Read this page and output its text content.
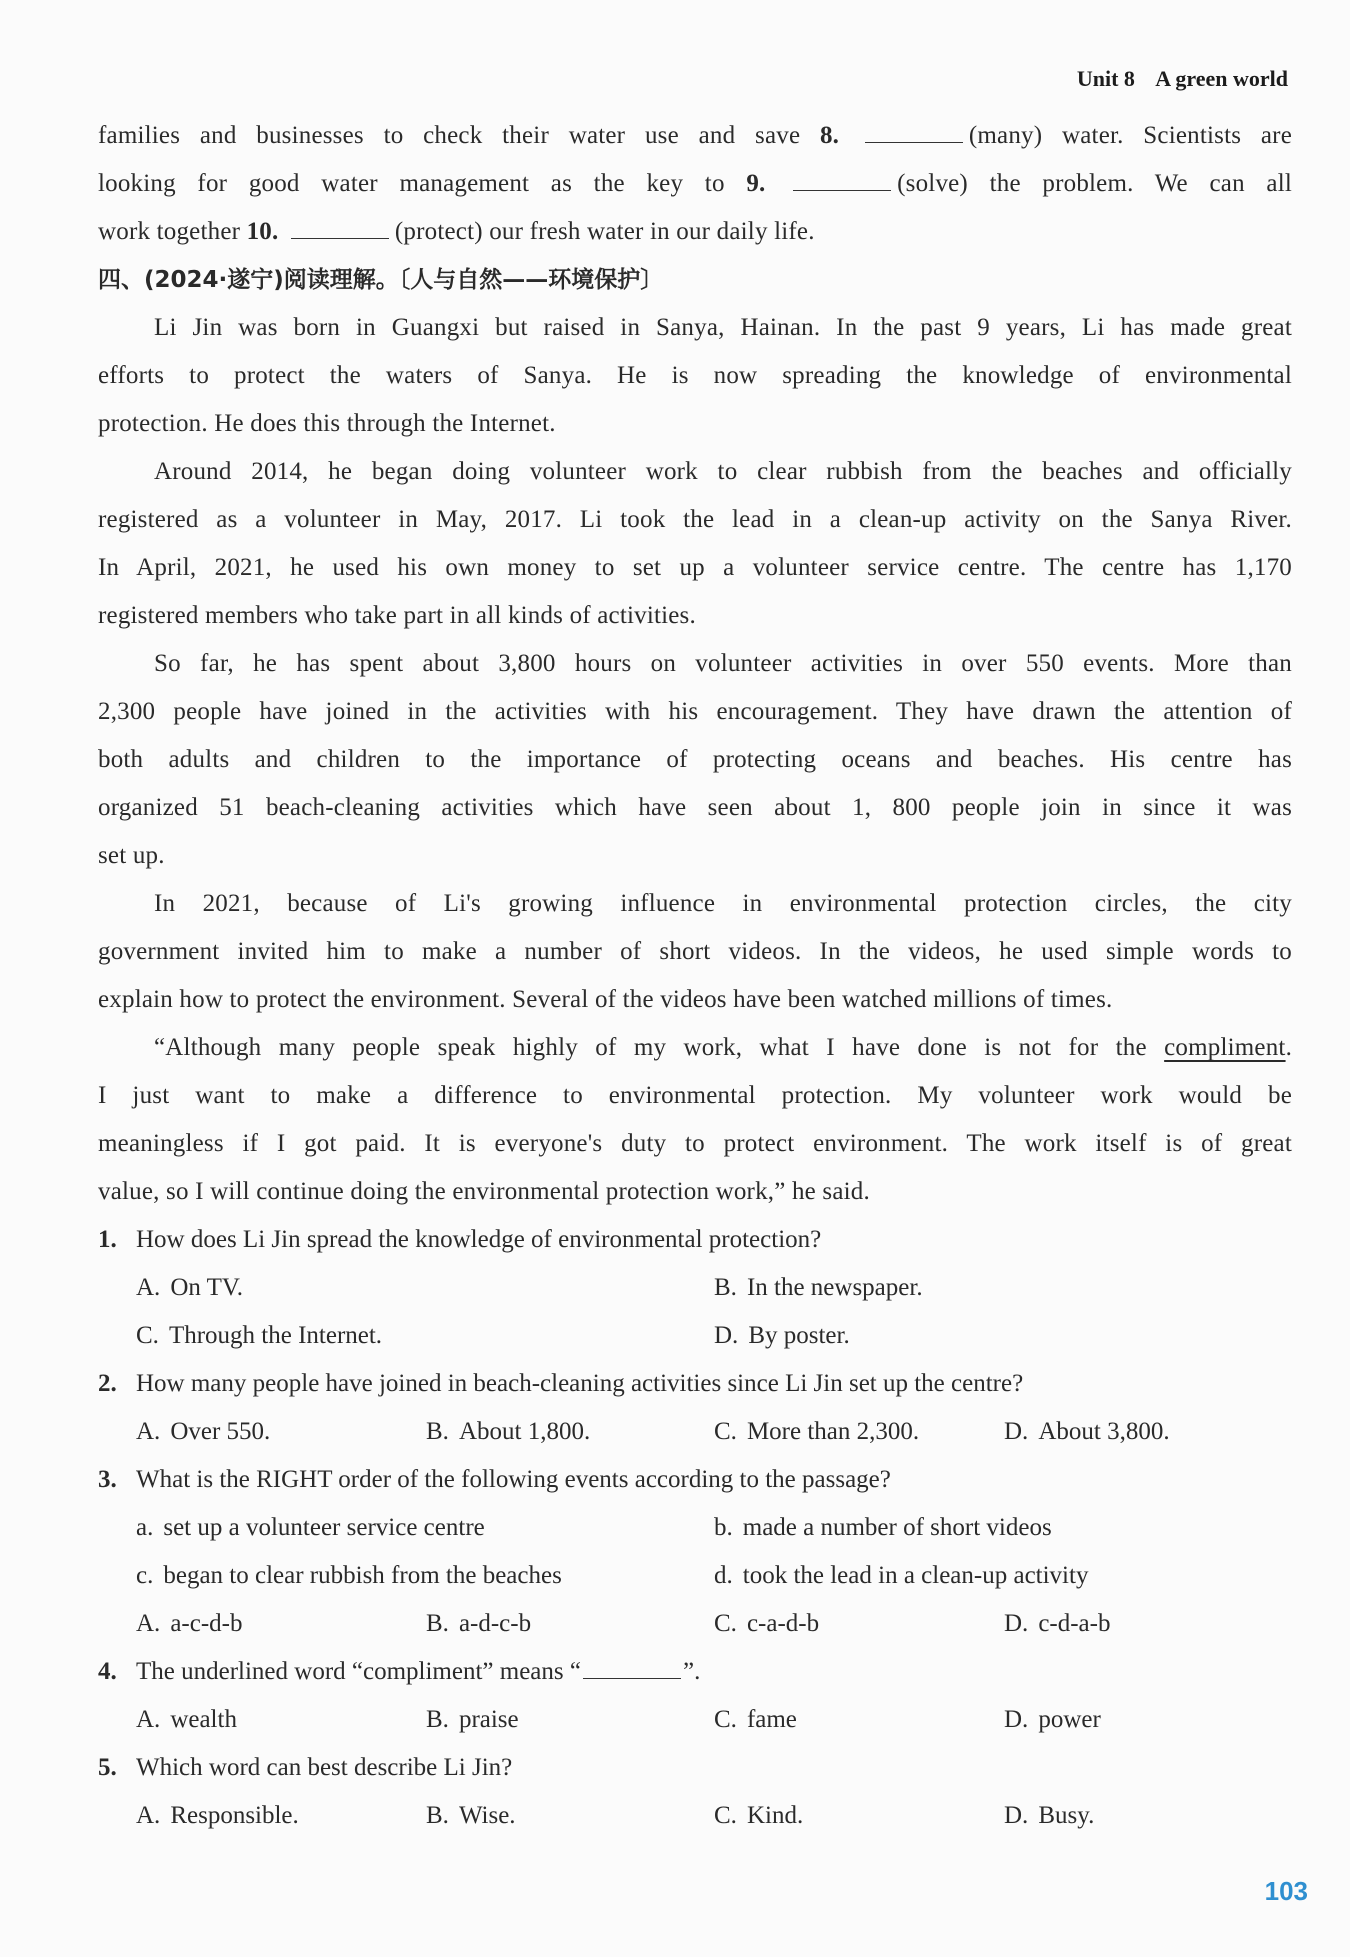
Unit 8 A green world
families and businesses to check their water use and save 8.	(many) water. Scientists are
looking for good water management as the key to 9.	(solve) the problem. We can all
work together 10.	(protect) our fresh water in our daily life.
四、(2024·遂宁)阅读理解。〔人与自然——环境保护〕
Li Jin was born in Guangxi but raised in Sanya, Hainan. In the past 9 years, Li has made great
efforts to protect the waters of Sanya. He is now spreading the knowledge of environmental
protection. He does this through the Internet.
Around 2014, he began doing volunteer work to clear rubbish from the beaches and officially
registered as a volunteer in May, 2017. Li took the lead in a clean-up activity on the Sanya River.
In April, 2021, he used his own money to set up a volunteer service centre. The centre has 1,170
registered members who take part in all kinds of activities.
So far, he has spent about 3,800 hours on volunteer activities in over 550 events. More than
2,300 people have joined in the activities with his encouragement. They have drawn the attention of
both adults and children to the importance of protecting oceans and beaches. His centre has
organized 51 beach-cleaning activities which have seen about 1, 800 people join in since it was
set up.
In 2021, because of Li's growing influence in environmental protection circles, the city
government invited him to make a number of short videos. In the videos, he used simple words to
explain how to protect the environment. Several of the videos have been watched millions of times.
“Although many people speak highly of my work, what I have done is not for the compliment.
I just want to make a difference to environmental protection. My volunteer work would be
meaningless if I got paid. It is everyone's duty to protect environment. The work itself is of great
value, so I will continue doing the environmental protection work,” he said.
1. How does Li Jin spread the knowledge of environmental protection?
A. On TV.	B. In the newspaper.
C. Through the Internet.	D. By poster.
2. How many people have joined in beach-cleaning activities since Li Jin set up the centre?
A. Over 550.	B. About 1,800.	C. More than 2,300.	D. About 3,800.
3. What is the RIGHT order of the following events according to the passage?
a. set up a volunteer service centre	b. made a number of short videos
c. began to clear rubbish from the beaches	d. took the lead in a clean-up activity
A. a-c-d-b	B. a-d-c-b	C. c-a-d-b	D. c-d-a-b
4. The underlined word “compliment” means “	”.
A. wealth	B. praise	C. fame	D. power
5. Which word can best describe Li Jin?
A. Responsible.	B. Wise.	C. Kind.	D. Busy.
103
